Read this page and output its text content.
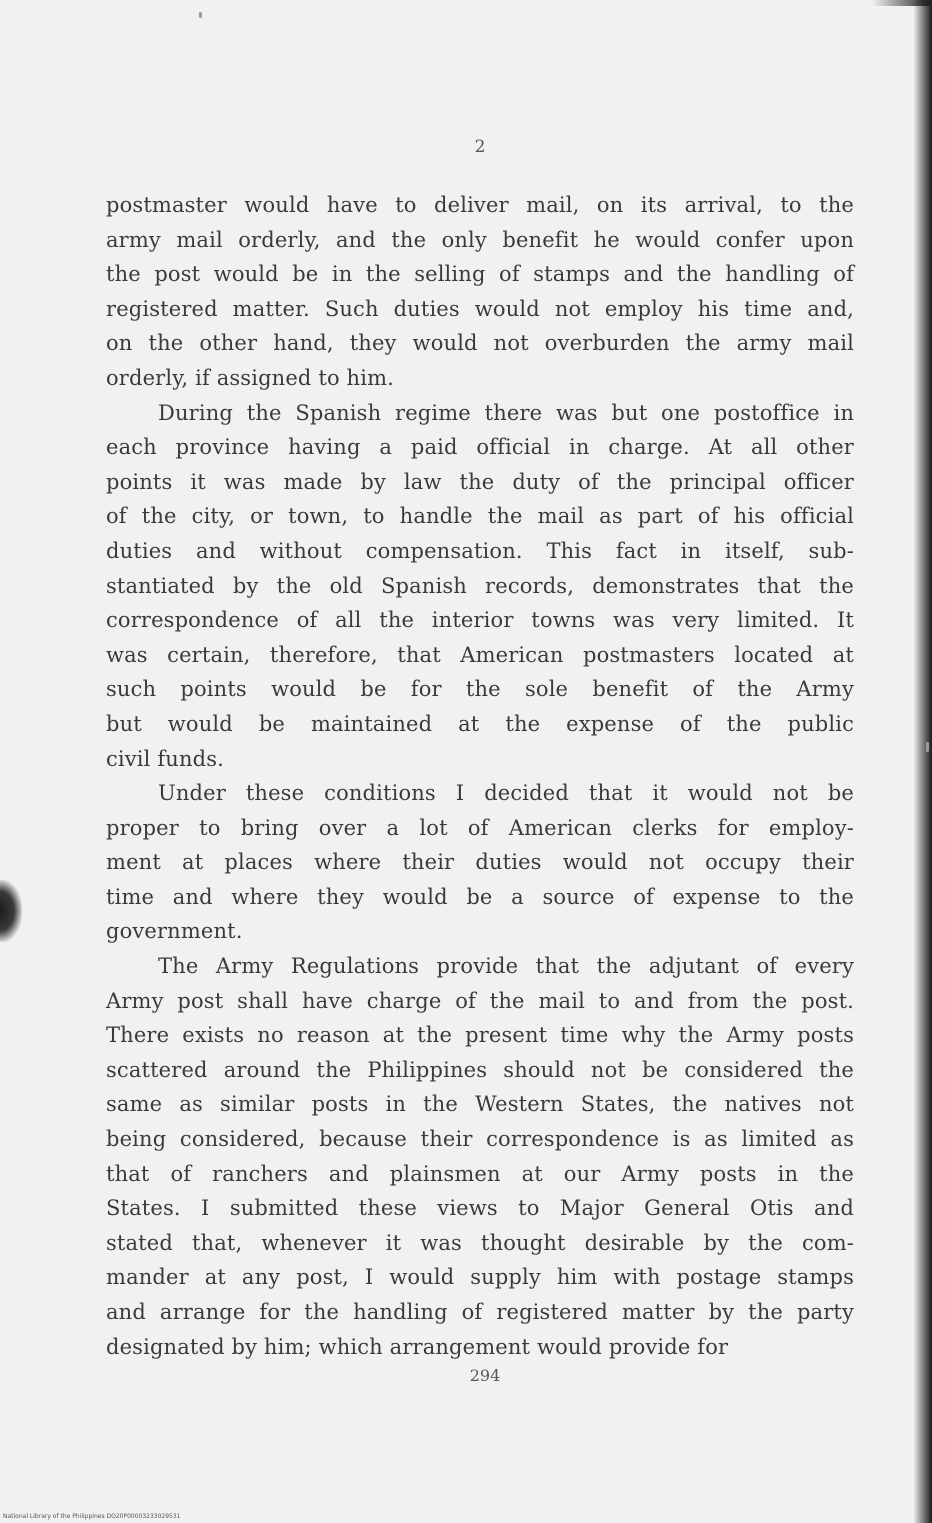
2
postmaster would have to deliver mail, on its arrival, to the
army mail orderly, and the only benefit he would confer upon
the post would be in the selling of stamps and the handling of
registered matter. Such duties would not employ his time and,
on the other hand, they would not overburden the army mail
orderly, if assigned to him.
During the Spanish regime there was but one postoffice in
each province having a paid official in charge. At all other
points it was made by law the duty of the principal officer
of the city, or town, to handle the mail as part of his official
duties and without compensation. This fact in itself, sub-
stantiated by the old Spanish records, demonstrates that the
correspondence of all the interior towns was very limited. It
was certain, therefore, that American postmasters located at
such points would be for the sole benefit of the Army
but would be maintained at the expense of the public
civil funds.
Under these conditions I decided that it would not be
proper to bring over a lot of American clerks for employ-
ment at places where their duties would not occupy their
time and where they would be a source of expense to the
government.
The Army Regulations provide that the adjutant of every
Army post shall have charge of the mail to and from the post.
There exists no reason at the present time why the Army posts
scattered around the Philippines should not be considered the
same as similar posts in the Western States, the natives not
being considered, because their correspondence is as limited as
that of ranchers and plainsmen at our Army posts in the
States. I submitted these views to Major General Otis and
stated that, whenever it was thought desirable by the com-
mander at any post, I would supply him with postage stamps
and arrange for the handling of registered matter by the party
designated by him; which arrangement would provide for
294
National Library of the Philippines DO20P00003233029531
